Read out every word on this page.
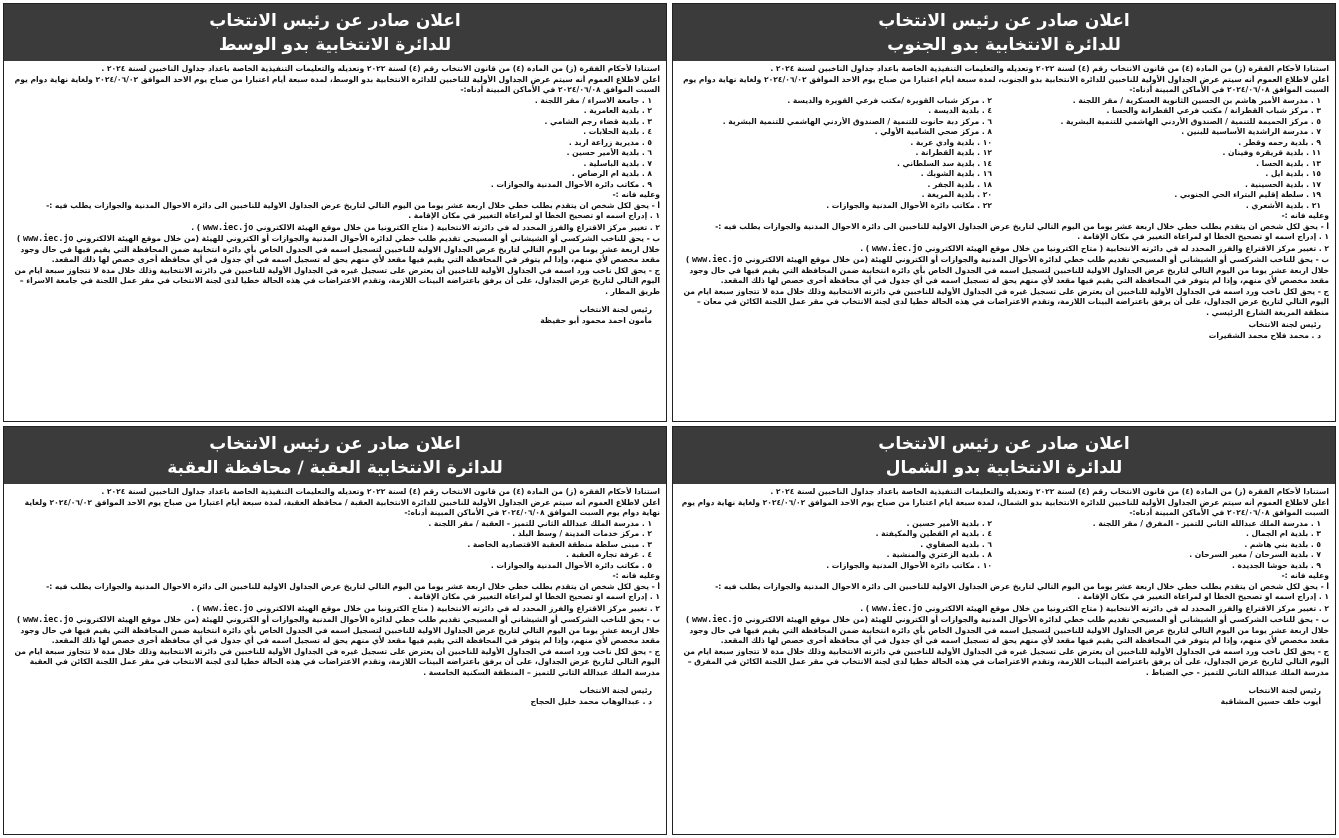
اعلان صادر عن رئيس الانتخاب
للدائرة الانتخابية بدو الجنوب

استنادا لأحكام الفقرة (ز) من المادة (٤) من قانون الانتخاب رقم (٤) لسنة ٢٠٢٢ وتعديله والتعليمات التنفيذية الخاصة باعداد جداول الناخبين لسنة ٢٠٢٤ .

أعلن لاطلاع العموم أنه سيتم عرض الجداول الأولية للناخبين للدائرة الانتخابية بدو الجنوب، لمدة سبعة أيام اعتبارا من صباح يوم الاحد الموافق ٢٠٢٤/٠٦/٠٢ ولغاية نهاية دوام يوم السبت الموافق ٢٠٢٤/٠٦/٠٨ في الأماكن المبينة أدناه:-

١ . مدرسة الأمير هاشم بن الحسين الثانوية العسكرية / مقر اللجنة .
٢ . مركز شباب القويرة /مكتب فرعي القويرة والديسة .
٣ . مركز شباب القطرانة / مكتب فرعي القطرانة والحسا .
٤ . بلدية الديسة .
٥ . مركز الحميمة للتنمية / الصندوق الأردني الهاشمي للتنمية البشرية .
٦ . مركز دبة حانوت للتنمية / الصندوق الأردني الهاشمي للتنمية البشرية .
٧ . مدرسة الراشدية الأساسية للبنين .
٨ . مركز صحي الشامية الأولي .
٩ . بلدية رحمه وقطر .
١٠ . بلدية وادي عربة .
١١ . بلدية قريقرة وفينان .
١٢ . بلدية القطرانة .
١٣ . بلدية الحسا .
١٤ . بلدية سد السلطاني .
١٥ . بلدية ايل .
١٦ . بلدية الشوبك .
١٧ . بلدية الحسينية .
١٨ . بلدية الجفر .
١٩ . سلطة إقليم البتراء الحي الجنوبي .
٢٠ . بلدية المريغة .
٢١ . بلدية الأشعري .
٢٢ . مكاتب دائرة الأحوال المدنية والجوازات .

وعليه فانه :-

أ - يحق لكل شخص ان يتقدم بطلب خطي خلال اربعة عشر يوما من اليوم التالي لتاريخ عرض الجداول الاولية للناخبين الى دائرة الاحوال المدنية والجوازات يطلب فيه :-

١ . إدراج اسمه او تصحيح الخطأ او لمراعاة التغيير في مكان الإقامة .

٢ . تغيير مركز الاقتراع والفرز المحدد له في دائرته الانتخابية ( متاح الكترونيا من خلال موقع الهيئة الالكتروني www.iec.jo ) .

ب - يحق للناخب الشركسي أو الشيشاني أو المسيحي تقديم طلب خطي لدائرة الأحوال المدنية والجوازات أو الكتروني للهيئة (من خلال موقع الهيئة الالكتروني www.iec.jo ) خلال اربعة عشر يوما من اليوم التالي لتاريخ عرض الجداول الاولية للناخبين لتسجيل اسمه في الجدول الخاص بأي دائرة انتخابية ضمن المحافظة التي يقيم فيها في حال وجود مقعد مخصص لأي منهم، وإذا لم يتوفر في المحافظة التي يقيم فيها مقعد لأي منهم يحق له تسجيل اسمه في أي جدول في أي محافظة أخرى خصص لها ذلك المقعد.

ج - يحق لكل ناخب ورد اسمه في الجداول الأولية للناخبين أن يعترض على تسجيل غيره في الجداول الأولية للناخبين في دائرته الانتخابية وذلك خلال مدة لا تتجاوز سبعة ايام من اليوم التالي لتاريخ عرض الجداول، على أن يرفق باعتراضه البينات اللازمة، وتقدم الاعتراضات في هذه الحالة خطيا لدى لجنة الانتخاب في مقر عمل اللجنة الكائن في معان – منطقة المريغة الشارع الرئيسي .

رئيس لجنة الانتخاب
د . محمد فلاح محمد الشقيرات
اعلان صادر عن رئيس الانتخاب
للدائرة الانتخابية بدو الوسط

استنادا لأحكام الفقرة (ز) من المادة (٤) من قانون الانتخاب رقم (٤) لسنة ٢٠٢٢ وتعديله والتعليمات التنفيذية الخاصة باعداد جداول الناخبين لسنة ٢٠٢٤ .

أعلن لاطلاع العموم أنه سيتم عرض الجداول الأولية للناخبين للدائرة الانتخابية بدو الوسط، لمدة سبعة أيام اعتبارا من صباح يوم الاحد الموافق ٢٠٢٤/٠٦/٠٢ ولغاية نهاية دوام يوم السبت الموافق ٢٠٢٤/٠٦/٠٨ في الأماكن المبينة أدناه:-

١ . جامعة الاسراء / مقر اللجنة .
٢ . بلدية العامرية .
٣ . بلدية قضاء رجم الشامي .
٤ . بلدية الحلابات .
٥ . مديرية زراعة اربد .
٦ . بلدية الأمير حسين .
٧ . بلدية الباسلية .
٨ . بلدية ام الرصاص .
٩ . مكاتب دائرة الأحوال المدنية والجوازات .

وعليه فانه :-

أ - يحق لكل شخص ان يتقدم بطلب خطي خلال اربعة عشر يوما من اليوم التالي لتاريخ عرض الجداول الاولية للناخبين الى دائرة الاحوال المدنية والجوازات يطلب فيه :-

١ . إدراج اسمه او تصحيح الخطأ او لمراعاة التغيير في مكان الإقامة .

٢ . تغيير مركز الاقتراع والفرز المحدد له في دائرته الانتخابية ( متاح الكترونيا من خلال موقع الهيئة الالكتروني www.iec.jo ) .

ب - يحق للناخب الشركسي أو الشيشاني أو المسيحي تقديم طلب خطي لدائرة الأحوال المدنية والجوازات أو الكتروني للهيئة (من خلال موقع الهيئة الالكتروني www.iec.jo ) خلال اربعة عشر يوما من اليوم التالي لتاريخ عرض الجداول الاولية للناخبين لتسجيل اسمه في الجدول الخاص بأي دائرة انتخابية ضمن المحافظة التي يقيم فيها في حال وجود مقعد مخصص لأي منهم، وإذا لم يتوفر في المحافظة التي يقيم فيها مقعد لأي منهم يحق له تسجيل اسمه في أي جدول في أي محافظة أخرى خصص لها ذلك المقعد.

ج - يحق لكل ناخب ورد اسمه في الجداول الأولية للناخبين أن يعترض على تسجيل غيره في الجداول الأولية للناخبين في دائرته الانتخابية وذلك خلال مدة لا تتجاوز سبعة ايام من اليوم التالي لتاريخ عرض الجداول، على أن يرفق باعتراضه البينات اللازمة، وتقدم الاعتراضات في هذه الحالة خطيا لدى لجنة الانتخاب في مقر عمل اللجنة في جامعة الاسراء – طريق المطار .

رئيس لجنة الانتخاب
مأمون احمد محمود أبو حفيظة
اعلان صادر عن رئيس الانتخاب
للدائرة الانتخابية بدو الشمال

استنادا لأحكام الفقرة (ز) من المادة (٤) من قانون الانتخاب رقم (٤) لسنة ٢٠٢٢ وتعديله والتعليمات التنفيذية الخاصة باعداد جداول الناخبين لسنة ٢٠٢٤ .

أعلن لاطلاع العموم أنه سيتم عرض الجداول الأولية للناخبين للدائرة الانتخابية بدو الشمال، لمدة سبعة أيام اعتبارا من صباح يوم الاحد الموافق ٢٠٢٤/٠٦/٠٢ ولغاية نهاية دوام يوم السبت الموافق ٢٠٢٤/٠٦/٠٨ في الأماكن المبينة أدناه:-

١ . مدرسة الملك عبدالله الثاني للتميز - المفرق / مقر اللجنة .
٢ . بلدية الأمير حسين .
٣ . بلدية ام الجمال .
٤ . بلدية ام القطين والمكيفتة .
٥ . بلدية بني هاشم .
٦ . بلدية الصفاوي .
٧ . بلدية السرحان / مغير السرحان .
٨ . بلدية الزعتري والمنشية .
٩ . بلدية حوشا الجديدة .
١٠ . مكاتب دائرة الأحوال المدنية والجوازات .

وعليه فانه :-

أ - يحق لكل شخص ان يتقدم بطلب خطي خلال اربعة عشر يوما من اليوم التالي لتاريخ عرض الجداول الاولية للناخبين الى دائرة الاحوال المدنية والجوازات يطلب فيه :-

١ . إدراج اسمه او تصحيح الخطأ او لمراعاة التغيير في مكان الإقامة .

٢ . تغيير مركز الاقتراع والفرز المحدد له في دائرته الانتخابية ( متاح الكترونيا من خلال موقع الهيئة الالكتروني www.iec.jo ) .

ب - يحق للناخب الشركسي أو الشيشاني أو المسيحي تقديم طلب خطي لدائرة الأحوال المدنية والجوازات أو الكتروني للهيئة (من خلال موقع الهيئة الالكتروني www.iec.jo ) خلال اربعة عشر يوما من اليوم التالي لتاريخ عرض الجداول الاولية للناخبين لتسجيل اسمه في الجدول الخاص بأي دائرة انتخابية ضمن المحافظة التي يقيم فيها في حال وجود مقعد مخصص لأي منهم، وإذا لم يتوفر في المحافظة التي يقيم فيها مقعد لأي منهم يحق له تسجيل اسمه في أي جدول في أي محافظة أخرى خصص لها ذلك المقعد.

ج - يحق لكل ناخب ورد اسمه في الجداول الأولية للناخبين أن يعترض على تسجيل غيره في الجداول الأولية للناخبين في دائرته الانتخابية وذلك خلال مدة لا تتجاوز سبعة ايام من اليوم التالي لتاريخ عرض الجداول، على أن يرفق باعتراضه البينات اللازمة، وتقدم الاعتراضات في هذه الحالة خطيا لدى لجنة الانتخاب في مقر عمل اللجنة الكائن في المفرق – مدرسة الملك عبدالله الثاني للتميز - حي الضباط .

رئيس لجنة الانتخاب
أيوب خلف حسين المشاقبة
اعلان صادر عن رئيس الانتخاب
للدائرة الانتخابية العقبة / محافظة العقبة

استنادا لأحكام الفقرة (ز) من المادة (٤) من قانون الانتخاب رقم (٤) لسنة ٢٠٢٢ وتعديله والتعليمات التنفيذية الخاصة باعداد جداول الناخبين لسنة ٢٠٢٤ .

أعلن لاطلاع العموم أنه سيتم عرض الجداول الأولية للناخبين للدائرة الانتخابية العقبة / محافظة العقبة، لمدة سبعة أيام اعتبارا من صباح يوم الاحد الموافق ٢٠٢٤/٠٦/٠٢ ولغاية نهاية دوام يوم السبت الموافق ٢٠٢٤/٠٦/٠٨ في الأماكن المبينة أدناه:-

١ . مدرسة الملك عبدالله الثاني للتميز - العقبة / مقر اللجنة .
٢ . مركز خدمات المدينة / وسط البلد .
٣ . مبنى سلطة منطقة العقبة الاقتصادية الخاصة .
٤ . غرفة تجارة العقبة .
٥ . مكاتب دائرة الأحوال المدنية والجوازات .

وعليه فانه :-

أ - يحق لكل شخص ان يتقدم بطلب خطي خلال اربعة عشر يوما من اليوم التالي لتاريخ عرض الجداول الاولية للناخبين الى دائرة الاحوال المدنية والجوازات يطلب فيه :-

١ . إدراج اسمه او تصحيح الخطأ او لمراعاة التغيير في مكان الإقامة .

٢ . تغيير مركز الاقتراع والفرز المحدد له في دائرته الانتخابية ( متاح الكترونيا من خلال موقع الهيئة الالكتروني www.iec.jo ) .

ب - يحق للناخب الشركسي أو الشيشاني أو المسيحي تقديم طلب خطي لدائرة الأحوال المدنية والجوازات أو الكتروني للهيئة (من خلال موقع الهيئة الالكتروني www.iec.jo ) خلال اربعة عشر يوما من اليوم التالي لتاريخ عرض الجداول الاولية للناخبين لتسجيل اسمه في الجدول الخاص بأي دائرة انتخابية ضمن المحافظة التي يقيم فيها في حال وجود مقعد مخصص لأي منهم، وإذا لم يتوفر في المحافظة التي يقيم فيها مقعد لأي منهم يحق له تسجيل اسمه في أي جدول في أي محافظة أخرى خصص لها ذلك المقعد.

ج - يحق لكل ناخب ورد اسمه في الجداول الأولية للناخبين أن يعترض على تسجيل غيره في الجداول الأولية للناخبين في دائرته الانتخابية وذلك خلال مدة لا تتجاوز سبعة ايام من اليوم التالي لتاريخ عرض الجداول، على أن يرفق باعتراضه البينات اللازمة، وتقدم الاعتراضات في هذه الحالة خطيا لدى لجنة الانتخاب في مقر عمل اللجنة الكائن في العقبة مدرسة الملك عبدالله الثاني للتميز – المنطقة السكنية الخامسة .

رئيس لجنة الانتخاب
د . عبدالوهاب محمد خليل الحجاج
